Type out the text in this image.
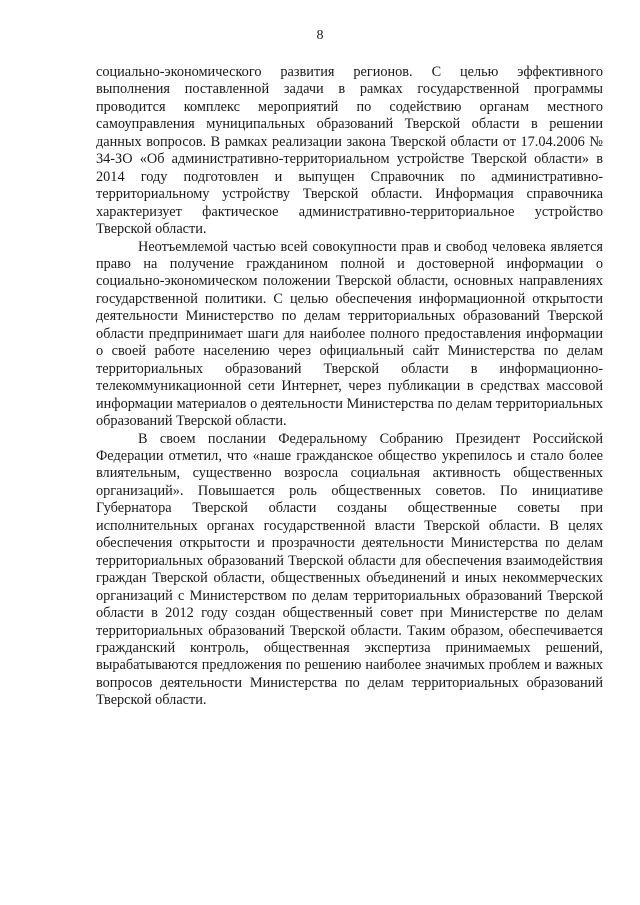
8

социально-экономического развития регионов. С целью эффективного выполнения поставленной задачи в рамках государственной программы проводится комплекс мероприятий по содействию органам местного самоуправления муниципальных образований Тверской области в решении данных вопросов. В рамках реализации закона Тверской области от 17.04.2006 № 34-ЗО «Об административно-территориальном устройстве Тверской области» в 2014 году подготовлен и выпущен Справочник по административно-территориальному устройству Тверской области. Информация справочника характеризует фактическое административно-территориальное устройство Тверской области.

Неотъемлемой частью всей совокупности прав и свобод человека является право на получение гражданином полной и достоверной информации о социально-экономическом положении Тверской области, основных направлениях государственной политики. С целью обеспечения информационной открытости деятельности Министерство по делам территориальных образований Тверской области предпринимает шаги для наиболее полного предоставления информации о своей работе населению через официальный сайт Министерства по делам территориальных образований Тверской области в информационно-телекоммуникационной сети Интернет, через публикации в средствах массовой информации материалов о деятельности Министерства по делам территориальных образований Тверской области.

В своем послании Федеральному Собранию Президент Российской Федерации отметил, что «наше гражданское общество укрепилось и стало более влиятельным, существенно возросла социальная активность общественных организаций». Повышается роль общественных советов. По инициативе Губернатора Тверской области созданы общественные советы при исполнительных органах государственной власти Тверской области. В целях обеспечения открытости и прозрачности деятельности Министерства по делам территориальных образований Тверской области для обеспечения взаимодействия граждан Тверской области, общественных объединений и иных некоммерческих организаций с Министерством по делам территориальных образований Тверской области в 2012 году создан общественный совет при Министерстве по делам территориальных образований Тверской области. Таким образом, обеспечивается гражданский контроль, общественная экспертиза принимаемых решений, вырабатываются предложения по решению наиболее значимых проблем и важных вопросов деятельности Министерства по делам территориальных образований Тверской области.
